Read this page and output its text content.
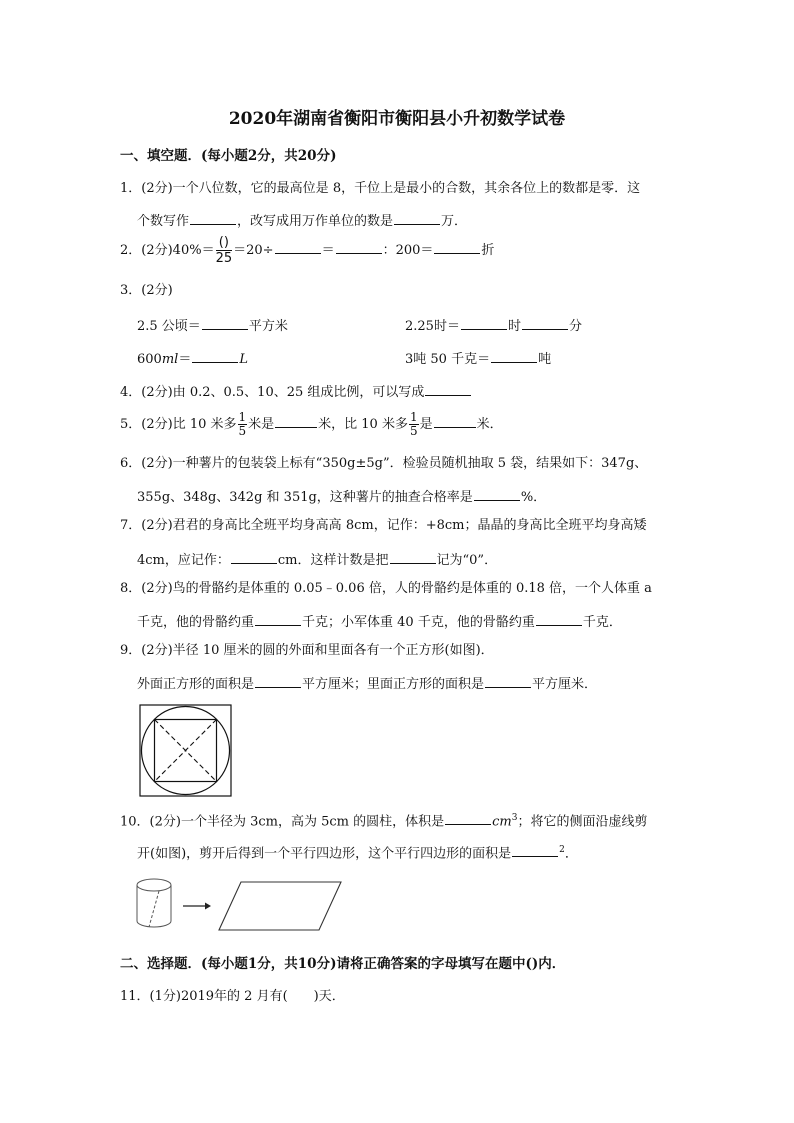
2020年湖南省衡阳市衡阳县小升初数学试卷
一、填空题．(每小题2分，共20分)
1．(2分)一个八位数，它的最高位是 8，千位上是最小的合数，其余各位上的数都是零．这
个数写作	，改写成用万作单位的数是	万．
2．(2分)$40\%= \frac{()}{25} =20\div$	＝	：200＝	折
3．(2分)
2.5 公顷＝	平方米	2.25时＝	时	分
600ml＝	L	3吨 50 千克＝	吨
4．(2分)由 0.2、0.5、10、25 组成比例，可以写成
5．(2分)比 10 米多 $\frac{1}{5}$ 米是	米，比 10 米多 $\frac{1}{5}$ 是	米．
6．(2分)一种薯片的包装袋上标有“350g±5g”．检验员随机抽取 5 袋，结果如下：347g、
355g、348g、342g 和 351g，这种薯片的抽查合格率是	%．
7．(2分)君君的身高比全班平均身高高 8cm，记作：+8cm；晶晶的身高比全班平均身高矮
4cm，应记作：	cm．这样计数是把	记为“0”．
8．(2分)鸟的骨骼约是体重的 0.05﹣0.06 倍，人的骨骼约是体重的 0.18 倍，一个人体重 a
千克，他的骨骼约重	千克；小军体重 40 千克，他的骨骼约重	千克．
9．(2分)半径 10 厘米的圆的外面和里面各有一个正方形(如图)．
外面正方形的面积是	平方厘米；里面正方形的面积是	平方厘米．
10．(2分)一个半径为 3cm，高为 5cm 的圆柱，体积是	$cm^3$；将它的侧面沿虚线剪
开(如图)，剪开后得到一个平行四边形，这个平行四边形的面积是	$^2$．
二、选择题．(每小题1分，共10分)请将正确答案的字母填写在题中()内．
11．(1分)2019年的 2 月有(　　)天．
